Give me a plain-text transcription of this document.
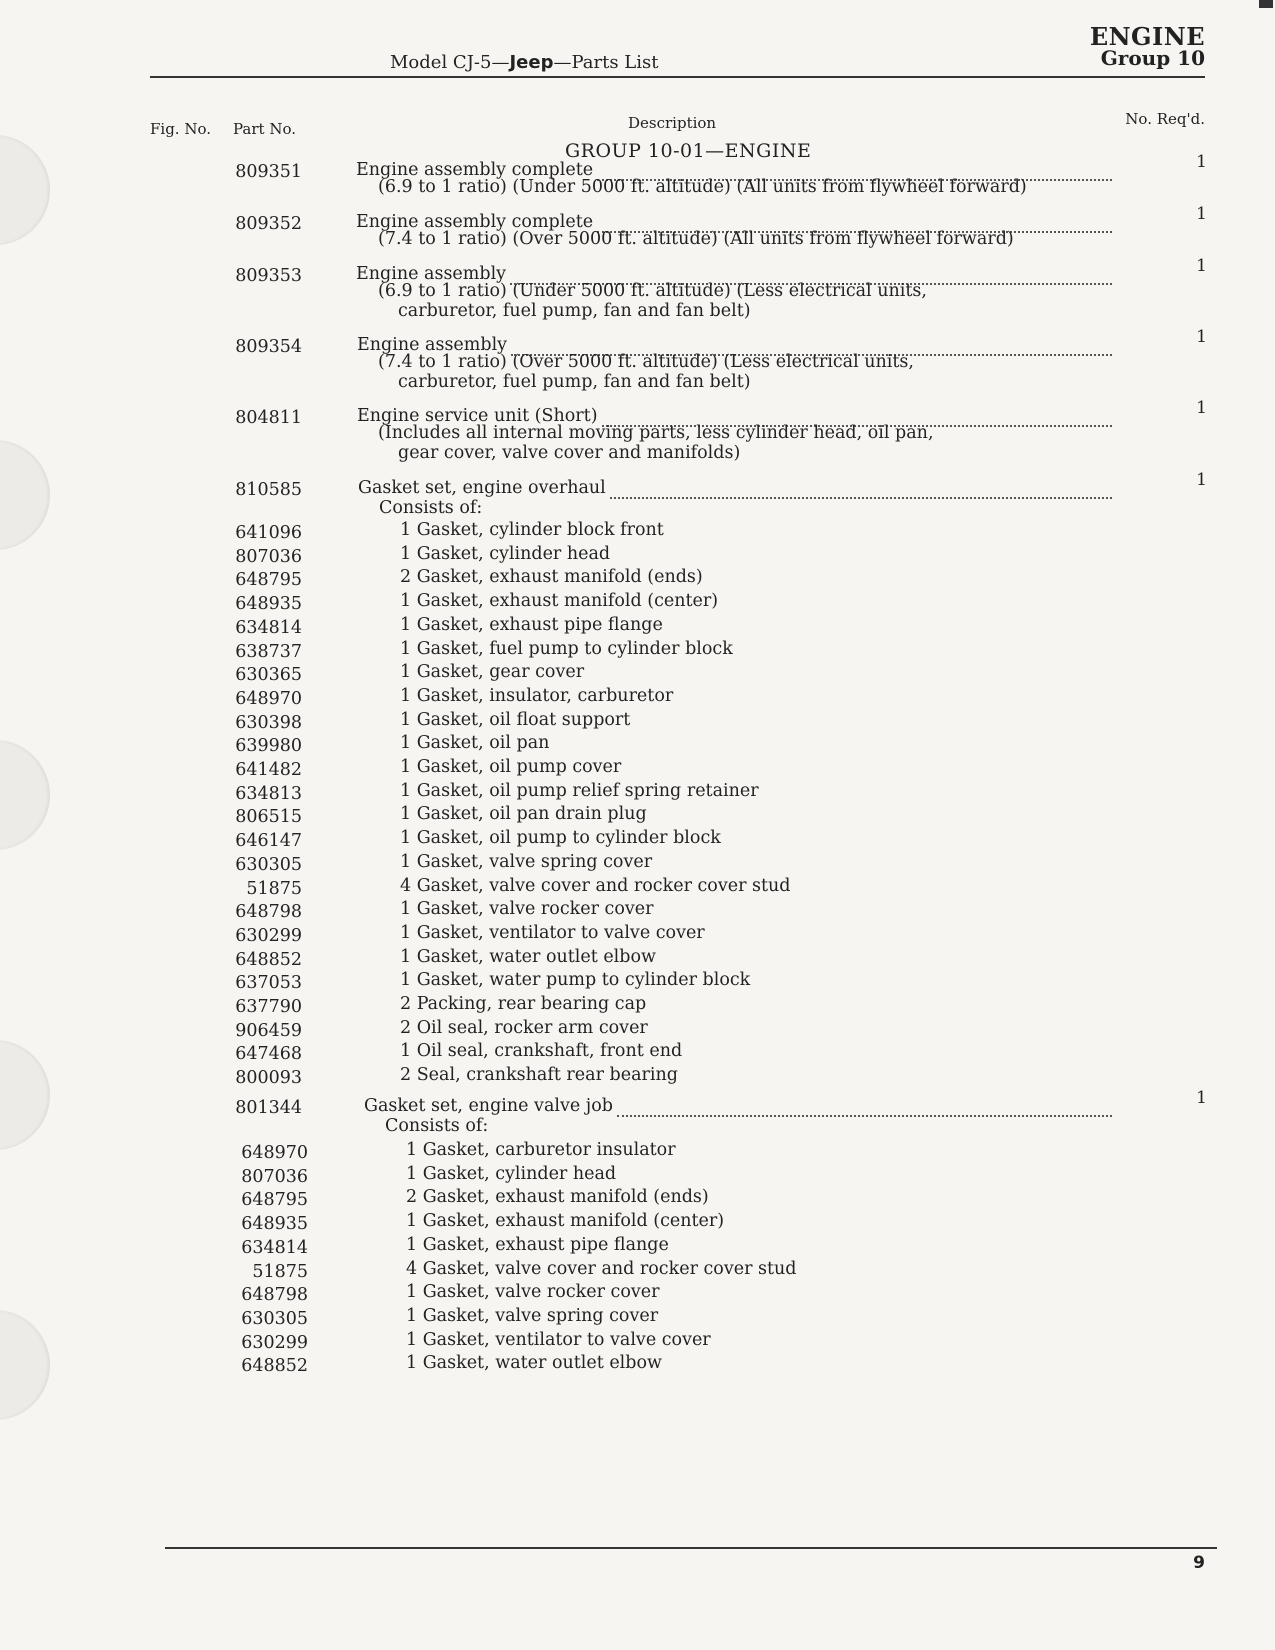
ENGINE
Group 10
Model CJ-5—Jeep—Parts List
Fig. No. Part No.	Description	No. Req'd.
GROUP 10-01—ENGINE
809351	Engine assembly complete	1
(6.9 to 1 ratio) (Under 5000 ft. altitude) (All units from flywheel forward)
809352	Engine assembly complete	1
(7.4 to 1 ratio) (Over 5000 ft. altitude) (All units from flywheel forward)
809353	Engine assembly	1
(6.9 to 1 ratio) (Under 5000 ft. altitude) (Less electrical units,
carburetor, fuel pump, fan and fan belt)
809354	Engine assembly	1
(7.4 to 1 ratio) (Over 5000 ft. altitude) (Less electrical units,
carburetor, fuel pump, fan and fan belt)
804811	Engine service unit (Short)	1
(Includes all internal moving parts, less cylinder head, oil pan,
gear cover, valve cover and manifolds)
810585	Gasket set, engine overhaul	1
Consists of:
641096	1 Gasket, cylinder block front
807036	1 Gasket, cylinder head
648795	2 Gasket, exhaust manifold (ends)
648935	1 Gasket, exhaust manifold (center)
634814	1 Gasket, exhaust pipe flange
638737	1 Gasket, fuel pump to cylinder block
630365	1 Gasket, gear cover
648970	1 Gasket, insulator, carburetor
630398	1 Gasket, oil float support
639980	1 Gasket, oil pan
641482	1 Gasket, oil pump cover
634813	1 Gasket, oil pump relief spring retainer
806515	1 Gasket, oil pan drain plug
646147	1 Gasket, oil pump to cylinder block
630305	1 Gasket, valve spring cover
51875	4 Gasket, valve cover and rocker cover stud
648798	1 Gasket, valve rocker cover
630299	1 Gasket, ventilator to valve cover
648852	1 Gasket, water outlet elbow
637053	1 Gasket, water pump to cylinder block
637790	2 Packing, rear bearing cap
906459	2 Oil seal, rocker arm cover
647468	1 Oil seal, crankshaft, front end
800093	2 Seal, crankshaft rear bearing
801344	Gasket set, engine valve job	1
Consists of:
648970	1 Gasket, carburetor insulator
807036	1 Gasket, cylinder head
648795	2 Gasket, exhaust manifold (ends)
648935	1 Gasket, exhaust manifold (center)
634814	1 Gasket, exhaust pipe flange
51875	4 Gasket, valve cover and rocker cover stud
648798	1 Gasket, valve rocker cover
630305	1 Gasket, valve spring cover
630299	1 Gasket, ventilator to valve cover
648852	1 Gasket, water outlet elbow
9
